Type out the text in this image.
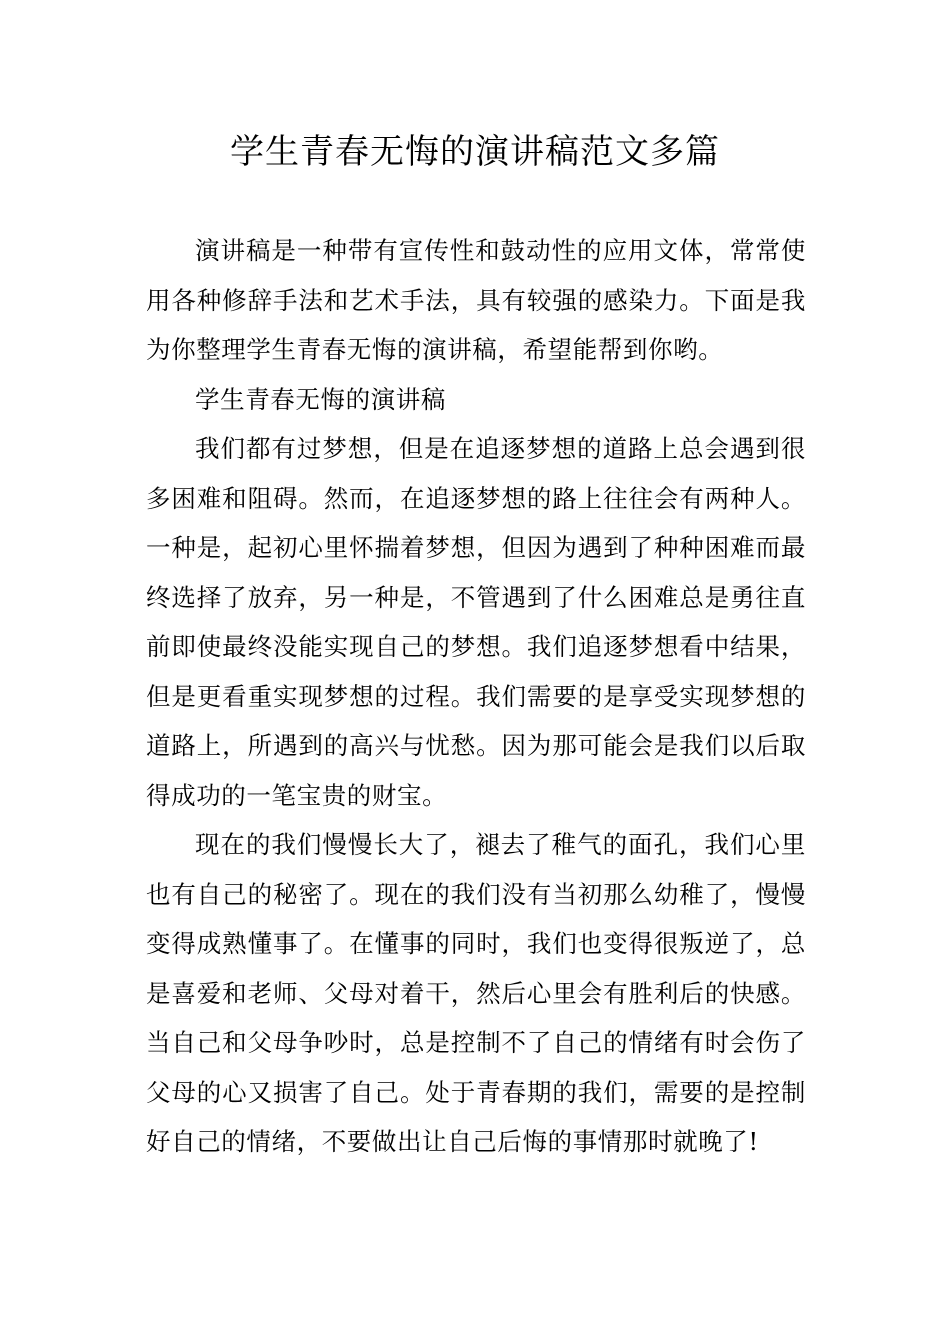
学生青春无悔的演讲稿范文多篇

演讲稿是一种带有宣传性和鼓动性的应用文体，常常使用各种修辞手法和艺术手法，具有较强的感染力。下面是我为你整理学生青春无悔的演讲稿，希望能帮到你哟。

学生青春无悔的演讲稿

我们都有过梦想，但是在追逐梦想的道路上总会遇到很多困难和阻碍。然而，在追逐梦想的路上往往会有两种人。一种是，起初心里怀揣着梦想，但因为遇到了种种困难而最终选择了放弃，另一种是，不管遇到了什么困难总是勇往直前即使最终没能实现自己的梦想。我们追逐梦想看中结果，但是更看重实现梦想的过程。我们需要的是享受实现梦想的道路上，所遇到的高兴与忧愁。因为那可能会是我们以后取得成功的一笔宝贵的财宝。

现在的我们慢慢长大了，褪去了稚气的面孔，我们心里也有自己的秘密了。现在的我们没有当初那么幼稚了，慢慢变得成熟懂事了。在懂事的同时，我们也变得很叛逆了，总是喜爱和老师、父母对着干，然后心里会有胜利后的快感。当自己和父母争吵时，总是控制不了自己的情绪有时会伤了父母的心又损害了自己。处于青春期的我们，需要的是控制好自己的情绪，不要做出让自己后悔的事情那时就晚了!
